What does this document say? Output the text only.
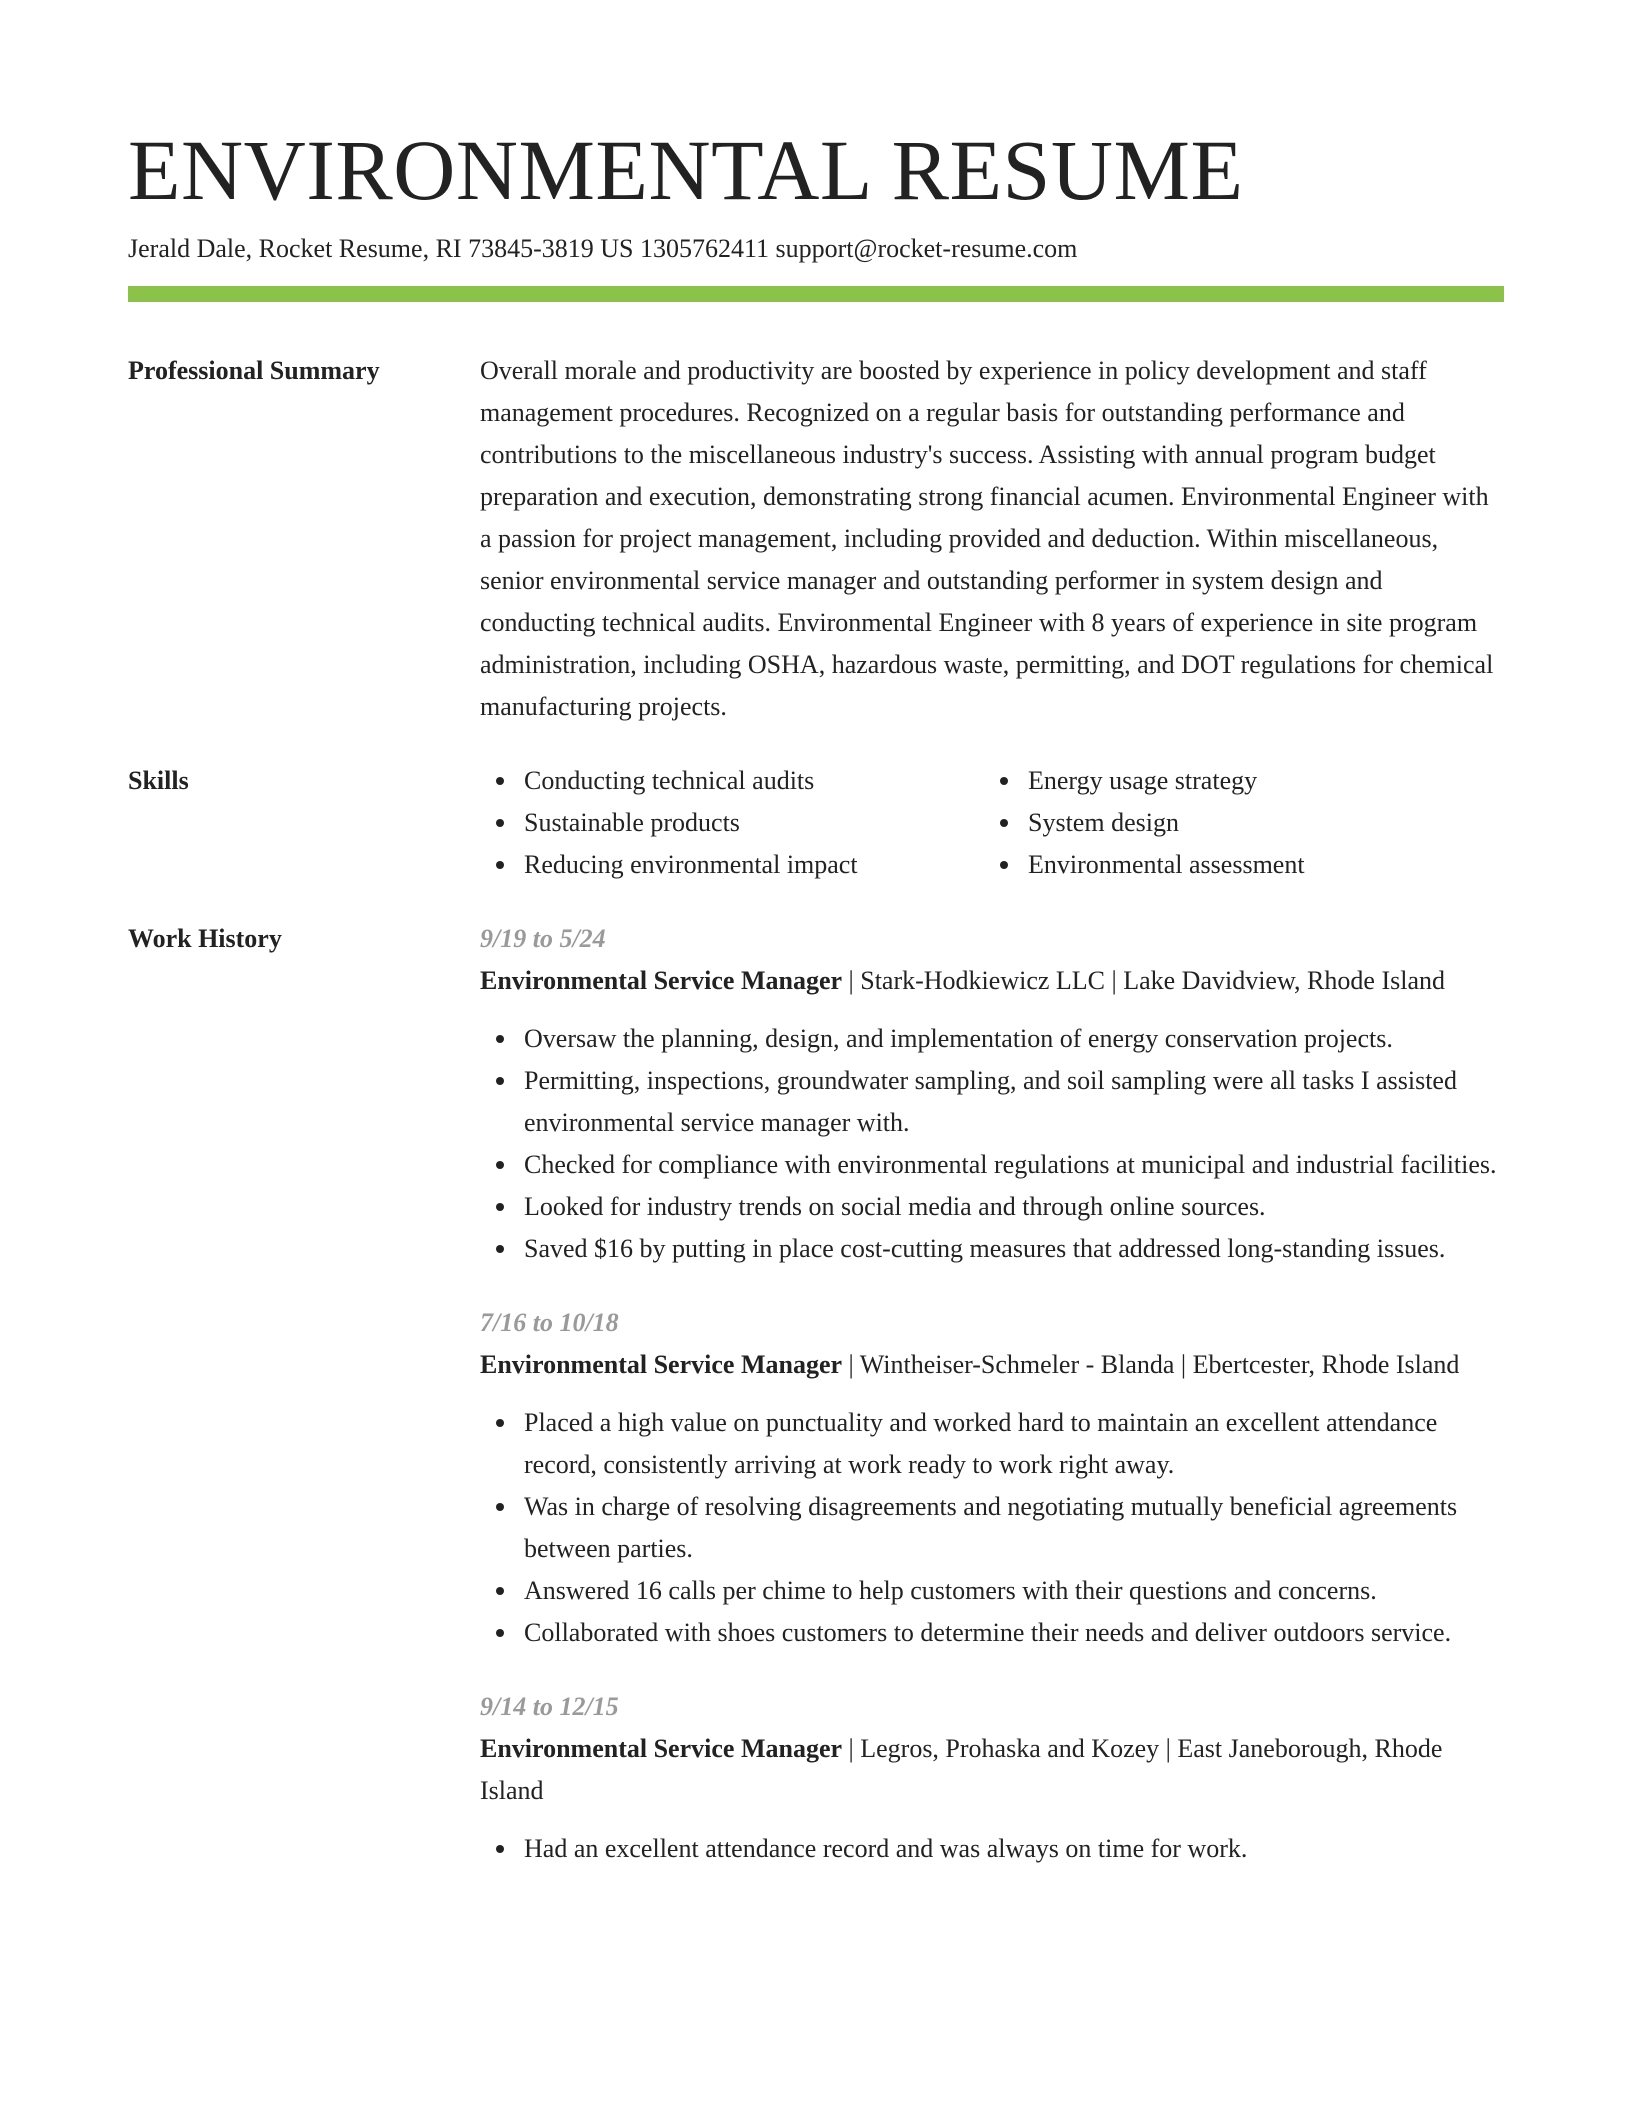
ENVIRONMENTAL RESUME
Jerald Dale, Rocket Resume, RI 73845-3819 US 1305762411 support@rocket-resume.com
Professional Summary	Overall morale and productivity are boosted by experience in policy development and staff management procedures. Recognized on a regular basis for outstanding performance and contributions to the miscellaneous industry's success. Assisting with annual program budget preparation and execution, demonstrating strong financial acumen. Environmental Engineer with a passion for project management, including provided and deduction. Within miscellaneous, senior environmental service manager and outstanding performer in system design and conducting technical audits. Environmental Engineer with 8 years of experience in site program administration, including OSHA, hazardous waste, permitting, and DOT regulations for chemical manufacturing projects.
Skills	Conducting technical audits
Sustainable products
Reducing environmental impact
Energy usage strategy
System design
Environmental assessment
Work History	9/19 to 5/24
Environmental Service Manager | Stark-Hodkiewicz LLC | Lake Davidview, Rhode Island
Oversaw the planning, design, and implementation of energy conservation projects.
Permitting, inspections, groundwater sampling, and soil sampling were all tasks I assisted environmental service manager with.
Checked for compliance with environmental regulations at municipal and industrial facilities.
Looked for industry trends on social media and through online sources.
Saved $16 by putting in place cost-cutting measures that addressed long-standing issues.
7/16 to 10/18
Environmental Service Manager | Wintheiser-Schmeler - Blanda | Ebertcester, Rhode Island
Placed a high value on punctuality and worked hard to maintain an excellent attendance record, consistently arriving at work ready to work right away.
Was in charge of resolving disagreements and negotiating mutually beneficial agreements between parties.
Answered 16 calls per chime to help customers with their questions and concerns.
Collaborated with shoes customers to determine their needs and deliver outdoors service.
9/14 to 12/15
Environmental Service Manager | Legros, Prohaska and Kozey | East Janeborough, Rhode Island
Had an excellent attendance record and was always on time for work.
